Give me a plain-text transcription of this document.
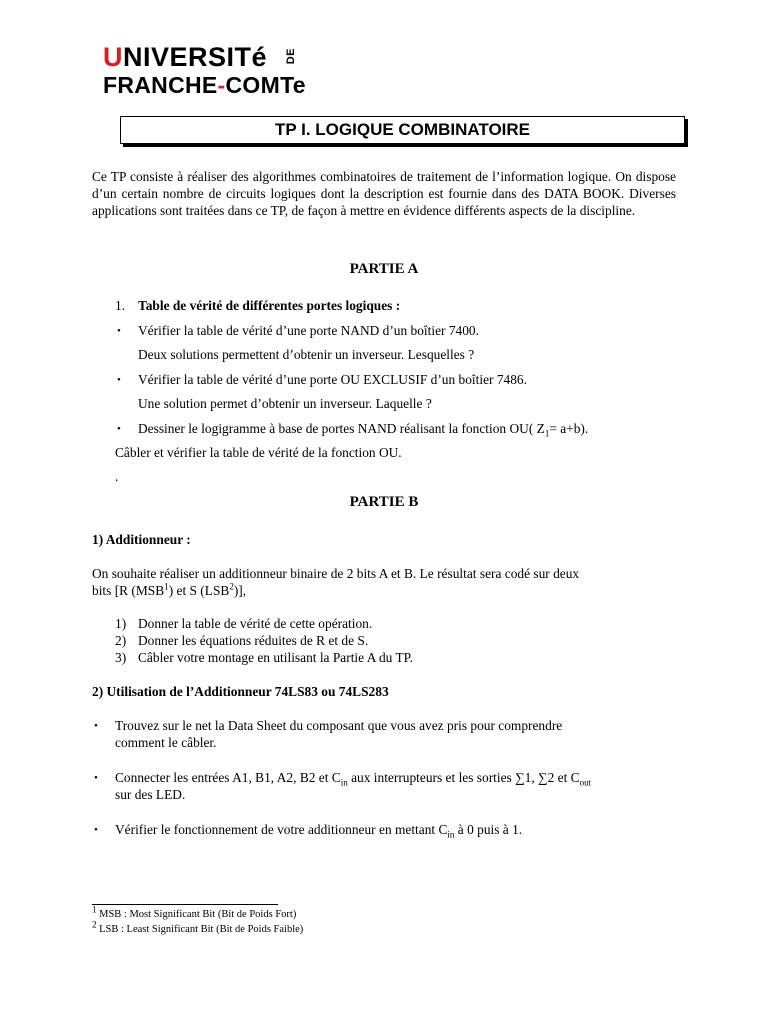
UNIVERSITé DE
FRANCHE-COMTe
TP I. LOGIQUE COMBINATOIRE
Ce TP consiste à réaliser des algorithmes combinatoires de traitement de l’information logique. On dispose d’un certain nombre de circuits logiques dont la description est fournie dans des DATA BOOK. Diverses applications sont traitées dans ce TP, de façon à mettre en évidence différents aspects de la discipline.
PARTIE A
1. Table de vérité de différentes portes logiques :
• Vérifier la table de vérité d’une porte NAND d’un boîtier 7400.
Deux solutions permettent d’obtenir un inverseur. Lesquelles ?
• Vérifier la table de vérité d’une porte OU EXCLUSIF d’un boîtier 7486.
Une solution permet d’obtenir un inverseur. Laquelle ?
• Dessiner le logigramme à base de portes NAND réalisant la fonction OU( $Z_1= a+b$).
Câbler et vérifier la table de vérité de la fonction OU.
.
PARTIE B
1) Additionneur :
On souhaite réaliser un additionneur binaire de 2 bits A et B. Le résultat sera codé sur deux
bits [R (MSB$^1$) et S (LSB$^2$)],
1) Donner la table de vérité de cette opération.
2) Donner les équations réduites de R et de S.
3) Câbler votre montage en utilisant la Partie A du TP.
2) Utilisation de l’Additionneur 74LS83 ou 74LS283
• Trouvez sur le net la Data Sheet du composant que vous avez pris pour comprendre
comment le câbler.
• Connecter les entrées A1, B1, A2, B2 et $C_{in}$ aux interrupteurs et les sorties ∑1, ∑2 et $C_{out}$
sur des LED.
• Vérifier le fonctionnement de votre additionneur en mettant $C_{in}$ à 0 puis à 1.
$^1$ MSB : Most Significant Bit (Bit de Poids Fort)
$^2$ LSB : Least Significant Bit (Bit de Poids Faible)
